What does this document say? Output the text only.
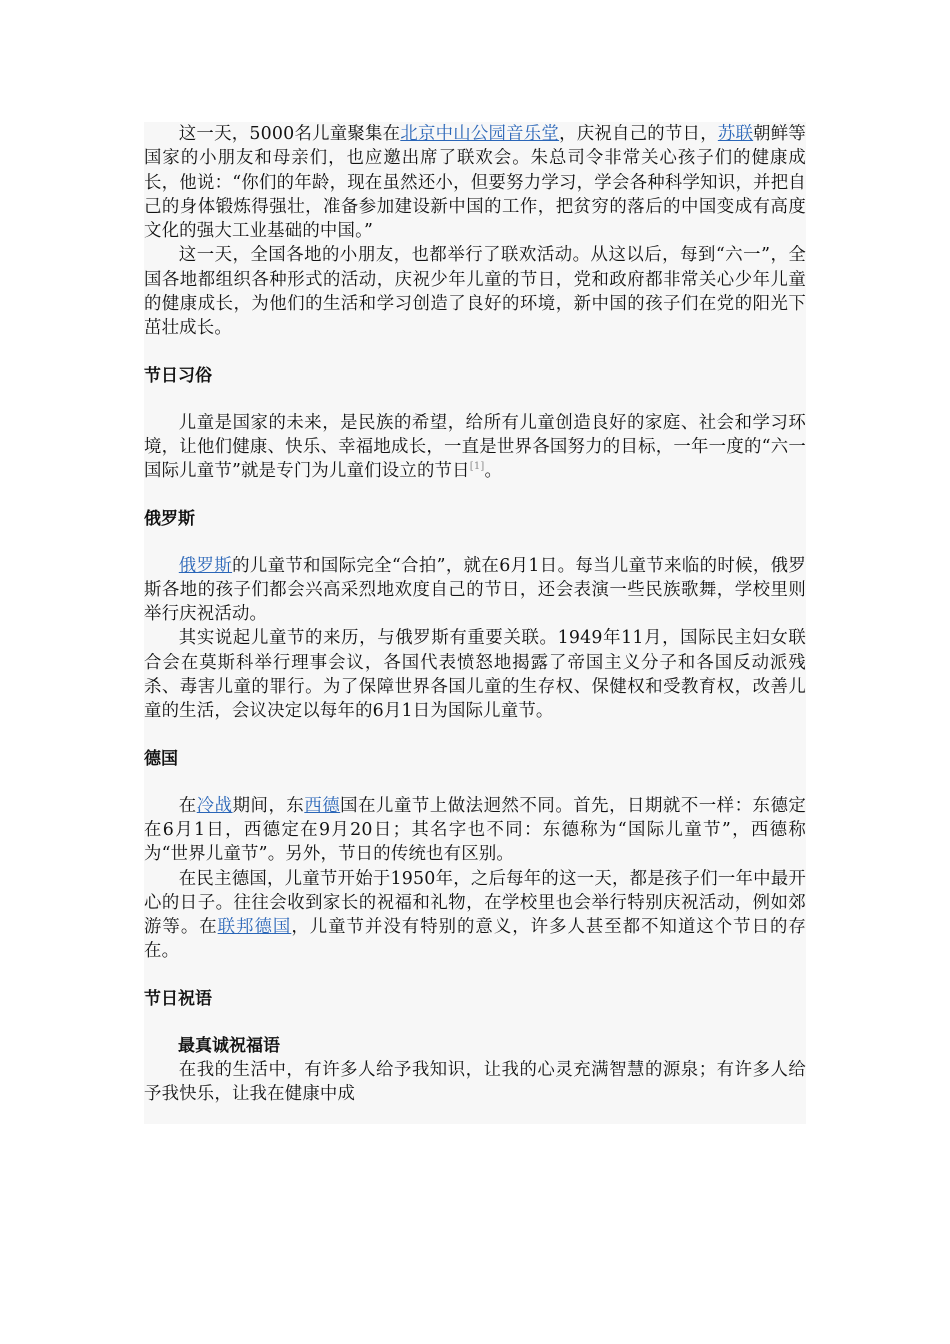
这一天，5000名儿童聚集在北京中山公园音乐堂，庆祝自己的节日，苏联朝鲜等国家的小朋友和母亲们，也应邀出席了联欢会。朱总司令非常关心孩子们的健康成长，他说：“你们的年龄，现在虽然还小，但要努力学习，学会各种科学知识，并把自己的身体锻炼得强壮，准备参加建设新中国的工作，把贫穷的落后的中国变成有高度文化的强大工业基础的中国。”

这一天，全国各地的小朋友，也都举行了联欢活动。从这以后，每到“六一”，全国各地都组织各种形式的活动，庆祝少年儿童的节日，党和政府都非常关心少年儿童的健康成长，为他们的生活和学习创造了良好的环境，新中国的孩子们在党的阳光下茁壮成长。

节日习俗

儿童是国家的未来，是民族的希望，给所有儿童创造良好的家庭、社会和学习环境，让他们健康、快乐、幸福地成长，一直是世界各国努力的目标，一年一度的“六一国际儿童节”就是专门为儿童们设立的节日[1]。

俄罗斯

俄罗斯的儿童节和国际完全“合拍”，就在6月1日。每当儿童节来临的时候，俄罗斯各地的孩子们都会兴高采烈地欢度自己的节日，还会表演一些民族歌舞，学校里则举行庆祝活动。

其实说起儿童节的来历，与俄罗斯有重要关联。1949年11月，国际民主妇女联合会在莫斯科举行理事会议，各国代表愤怒地揭露了帝国主义分子和各国反动派残杀、毒害儿童的罪行。为了保障世界各国儿童的生存权、保健权和受教育权，改善儿童的生活，会议决定以每年的6月1日为国际儿童节。

德国

在冷战期间，东西德国在儿童节上做法迥然不同。首先，日期就不一样：东德定在6月1日，西德定在9月20日；其名字也不同：东德称为“国际儿童节”，西德称为“世界儿童节”。另外，节日的传统也有区别。

在民主德国，儿童节开始于1950年，之后每年的这一天，都是孩子们一年中最开心的日子。往往会收到家长的祝福和礼物，在学校里也会举行特别庆祝活动，例如郊游等。在联邦德国，儿童节并没有特别的意义，许多人甚至都不知道这个节日的存在。

节日祝语
最真诚祝福语

在我的生活中，有许多人给予我知识，让我的心灵充满智慧的源泉；有许多人给予我快乐，让我在健康中成
